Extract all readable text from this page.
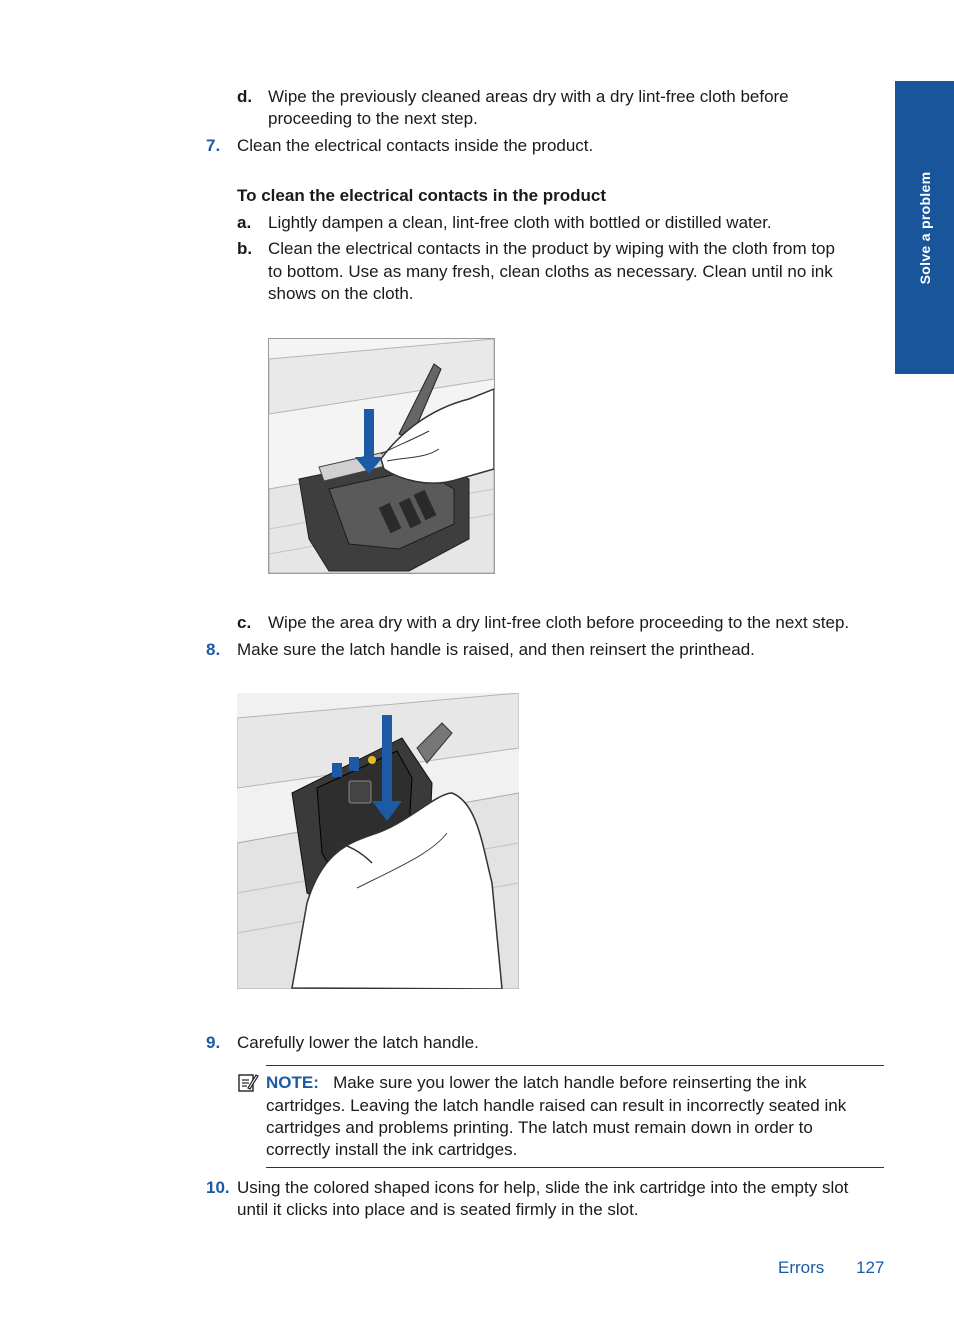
Solve a problem
d. Wipe the previously cleaned areas dry with a dry lint-free cloth before
proceeding to the next step.
7. Clean the electrical contacts inside the product.
To clean the electrical contacts in the product
a. Lightly dampen a clean, lint-free cloth with bottled or distilled water.
b. Clean the electrical contacts in the product by wiping with the cloth from top
to bottom. Use as many fresh, clean cloths as necessary. Clean until no ink
shows on the cloth.
c. Wipe the area dry with a dry lint-free cloth before proceeding to the next step.
8. Make sure the latch handle is raised, and then reinsert the printhead.
9. Carefully lower the latch handle.
NOTE: Make sure you lower the latch handle before reinserting the ink
cartridges. Leaving the latch handle raised can result in incorrectly seated ink
cartridges and problems printing. The latch must remain down in order to
correctly install the ink cartridges.
10. Using the colored shaped icons for help, slide the ink cartridge into the empty slot
until it clicks into place and is seated firmly in the slot.
Errors 127
